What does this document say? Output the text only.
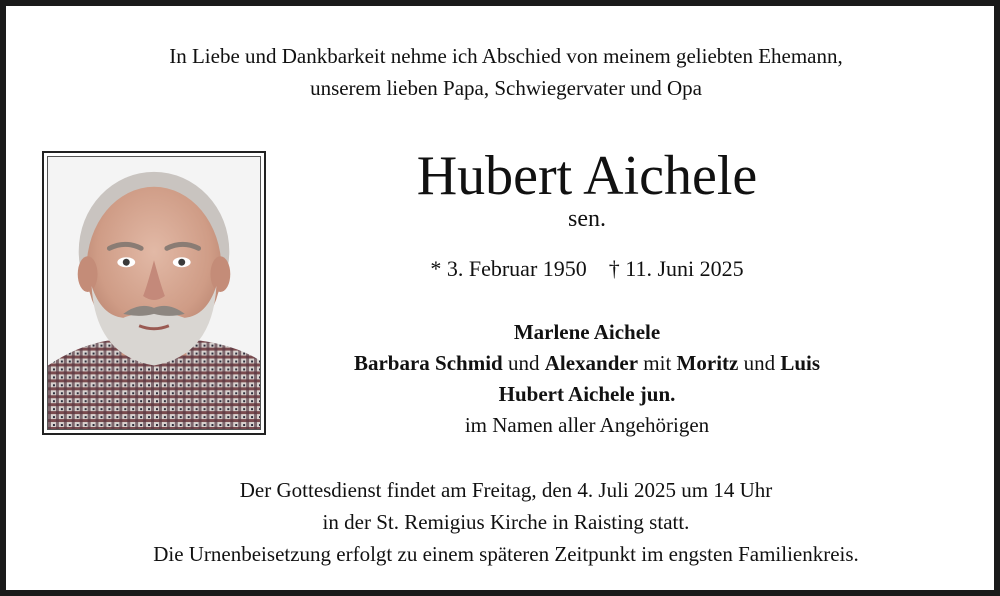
In Liebe und Dankbarkeit nehme ich Abschied von meinem geliebten Ehemann,
unserem lieben Papa, Schwiegervater und Opa
Hubert Aichele
sen.
* 3. Februar 1950 † 11. Juni 2025
Marlene Aichele
Barbara Schmid und Alexander mit Moritz und Luis
Hubert Aichele jun.
im Namen aller Angehörigen
Der Gottesdienst findet am Freitag, den 4. Juli 2025 um 14 Uhr
in der St. Remigius Kirche in Raisting statt.
Die Urnenbeisetzung erfolgt zu einem späteren Zeitpunkt im engsten Familienkreis.
